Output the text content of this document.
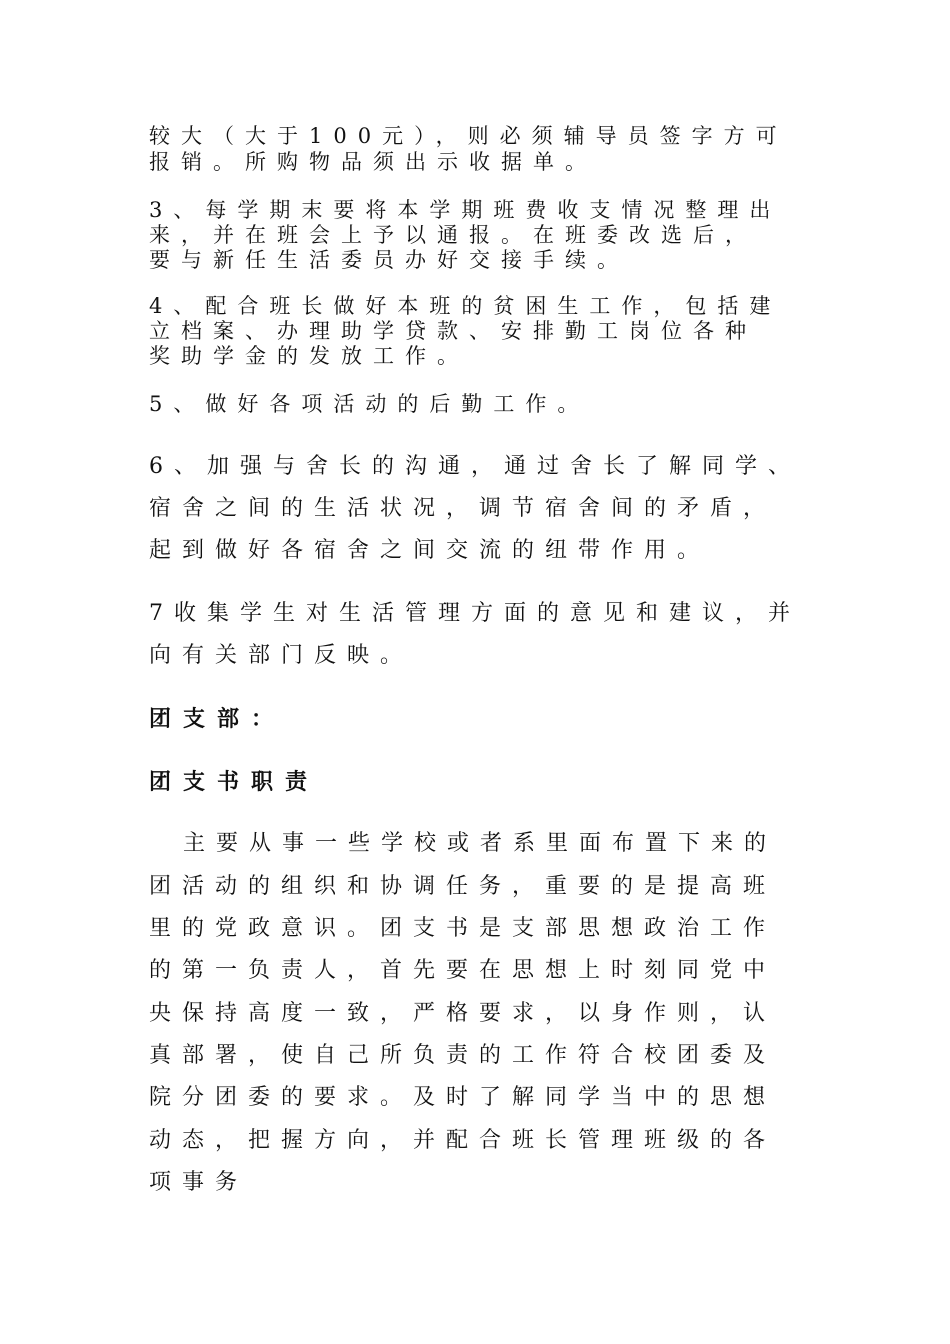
较大（大于100元），则必须辅导员签字方可
报销。所购物品须出示收据单。
3、每学期末要将本学期班费收支情况整理出
来，并在班会上予以通报。在班委改选后，
要与新任生活委员办好交接手续。
4、配合班长做好本班的贫困生工作，包括建
立档案、办理助学贷款、安排勤工岗位各种
奖助学金的发放工作。
5、做好各项活动的后勤工作。
6、加强与舍长的沟通，通过舍长了解同学、
宿舍之间的生活状况，调节宿舍间的矛盾，
起到做好各宿舍之间交流的纽带作用。
7收集学生对生活管理方面的意见和建议，并
向有关部门反映。
团支部：
团支书职责
主要从事一些学校或者系里面布置下来的
团活动的组织和协调任务，重要的是提高班
里的党政意识。团支书是支部思想政治工作
的第一负责人，首先要在思想上时刻同党中
央保持高度一致，严格要求，以身作则，认
真部署，使自己所负责的工作符合校团委及
院分团委的要求。及时了解同学当中的思想
动态，把握方向，并配合班长管理班级的各
项事务
